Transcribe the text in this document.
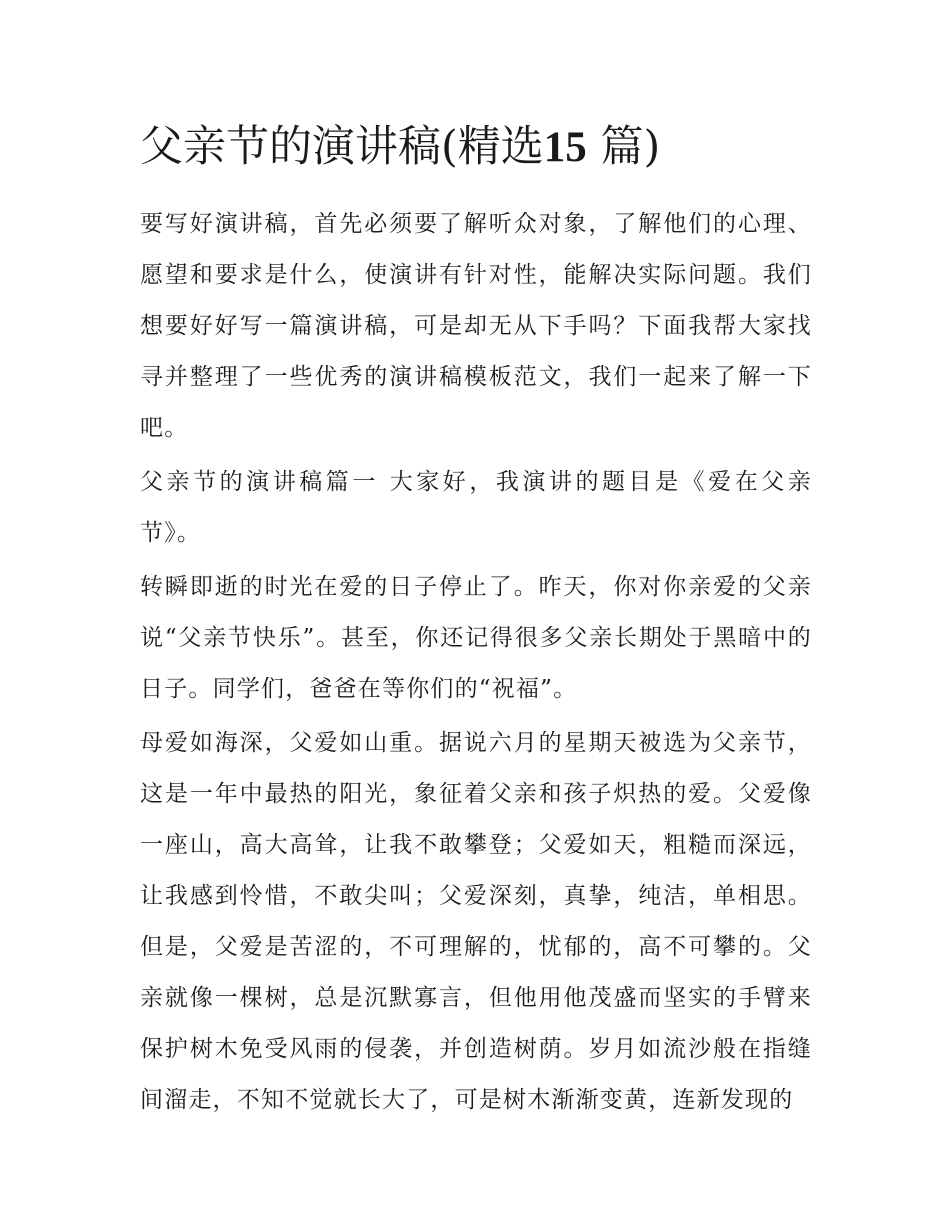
父亲节的演讲稿(精选15 篇)

要写好演讲稿，首先必须要了解听众对象，了解他们的心理、愿望和要求是什么，使演讲有针对性，能解决实际问题。我们想要好好写一篇演讲稿，可是却无从下手吗？下面我帮大家找寻并整理了一些优秀的演讲稿模板范文，我们一起来了解一下吧。

父亲节的演讲稿篇一 大家好，我演讲的题目是《爱在父亲节》。

转瞬即逝的时光在爱的日子停止了。昨天，你对你亲爱的父亲说“父亲节快乐”。甚至，你还记得很多父亲长期处于黑暗中的日子。同学们，爸爸在等你们的“祝福”。

母爱如海深，父爱如山重。据说六月的星期天被选为父亲节，这是一年中最热的阳光，象征着父亲和孩子炽热的爱。父爱像一座山，高大高耸，让我不敢攀登；父爱如天，粗糙而深远，让我感到怜惜，不敢尖叫；父爱深刻，真挚，纯洁，单相思。但是，父爱是苦涩的，不可理解的，忧郁的，高不可攀的。父亲就像一棵树，总是沉默寡言，但他用他茂盛而坚实的手臂来保护树木免受风雨的侵袭，并创造树荫。岁月如流沙般在指缝间溜走，不知不觉就长大了，可是树木渐渐变黄，连新发现的
